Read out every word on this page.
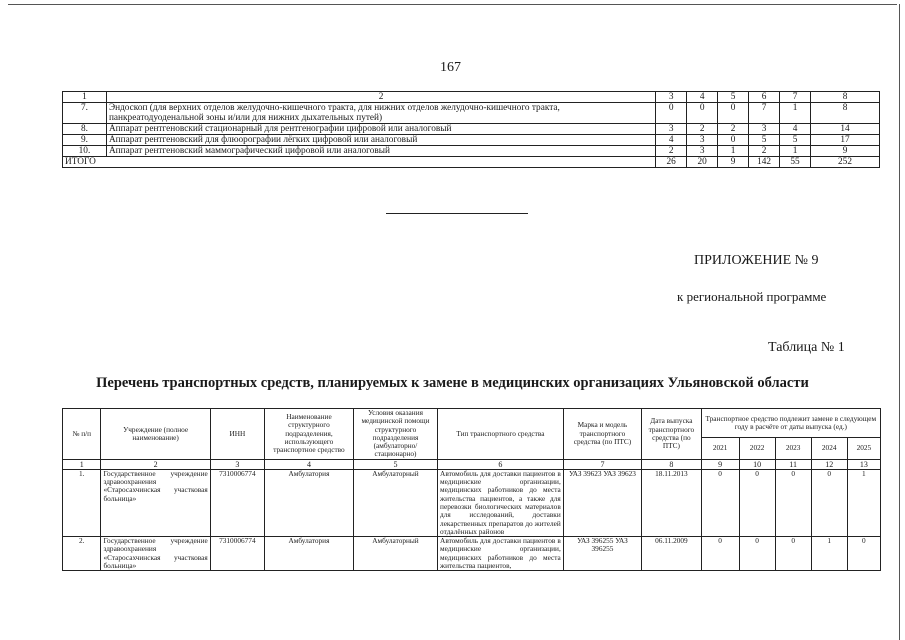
167
1	2	3	4	5	6	7	8
7.	Эндоскоп (для верхних отделов желудочно-кишечного тракта, для нижних отделов желудочно-кишечного тракта, панкреатодуоденальной зоны и/или для нижних дыхательных путей)	0	0	0	7	1	8
8.	Аппарат рентгеновский стационарный для рентгенографии цифровой или аналоговый	3	2	2	3	4	14
9.	Аппарат рентгеновский для флюорографии лёгких цифровой или аналоговый	4	3	0	5	5	17
10.	Аппарат рентгеновский маммографический цифровой или аналоговый	2	3	1	2	1	9
ИТОГО		26	20	9	142	55	252
ПРИЛОЖЕНИЕ № 9
к региональной программе
Таблица № 1
Перечень транспортных средств, планируемых к замене в медицинских организациях Ульяновской области
№ п/п	Учреждение (полное наименование)	ИНН	Наименование структурного подразделения, использующего транспортное средство	Условия оказания медицинской помощи структурного подразделения (амбулаторно/ стационарно)	Тип транспортного средства	Марка и модель транспортного средства (по ПТС)	Дата выпуска транспортного средства (по ПТС)	Транспортное средство подлежит замене в следующем году в расчёте от даты выпуска (ед.)				
								2021	2022	2023	2024	2025
1	2	3	4	5	6	7	8	9	10	11	12	13
1.	Государственное учреждение здравоохранения «Старосахчинская участковая больница»	7310006774	Амбулатория	Амбулаторный	Автомобиль для доставки пациентов в медицинские организации, медицинских работников до места жительства пациентов, а также для перевозки биологических материалов для исследований, доставки лекарственных препаратов до жителей отдалённых районов	УАЗ 39623 УАЗ 39623	18.11.2013	0	0	0	0	1
2.	Государственное учреждение здравоохранения «Старосахчинская участковая больница»	7310006774	Амбулатория	Амбулаторный	Автомобиль для доставки пациентов в медицинские организации, медицинских работников до места жительства пациентов,	УАЗ 396255 УАЗ 396255	06.11.2009	0	0	0	1	0
